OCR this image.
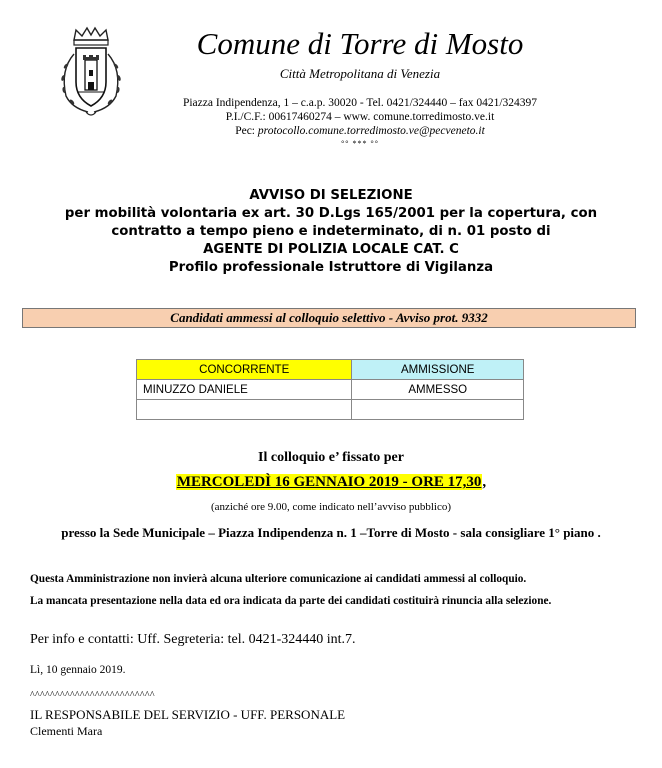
Comune di Torre di Mosto
Città Metropolitana di Venezia
Piazza Indipendenza, 1 – c.a.p. 30020 - Tel. 0421/324440 – fax 0421/324397
P.I./C.F.: 00617460274 – www. comune.torredimosto.ve.it
Pec: protocollo.comune.torredimosto.ve@pecveneto.it
°° *** °°
AVVISO DI SELEZIONE
per mobilità volontaria ex art. 30 D.Lgs 165/2001 per la copertura, con
contratto a tempo pieno e indeterminato, di n. 01 posto di
AGENTE DI POLIZIA LOCALE CAT. C
Profilo professionale Istruttore di Vigilanza
Candidati ammessi al colloquio selettivo - Avviso prot. 9332
CONCORRENTE	AMMISSIONE
MINUZZO DANIELE	AMMESSO

Il colloquio e’ fissato per
MERCOLEDÌ 16 GENNAIO 2019 - ORE 17,30,
(anziché ore 9.00, come indicato nell’avviso pubblico)
presso la Sede Municipale – Piazza Indipendenza n. 1 –Torre di Mosto - sala consigliare 1° piano .
Questa Amministrazione non invierà alcuna ulteriore comunicazione ai candidati ammessi al colloquio.
La mancata presentazione nella data ed ora indicata da parte dei candidati costituirà rinuncia alla selezione.
Per info e contatti: Uff. Segreteria: tel. 0421-324440 int.7.
Lì, 10 gennaio 2019.
^^^^^^^^^^^^^^^^^^^^^^^^^
IL RESPONSABILE DEL SERVIZIO - UFF. PERSONALE
Clementi Mara
